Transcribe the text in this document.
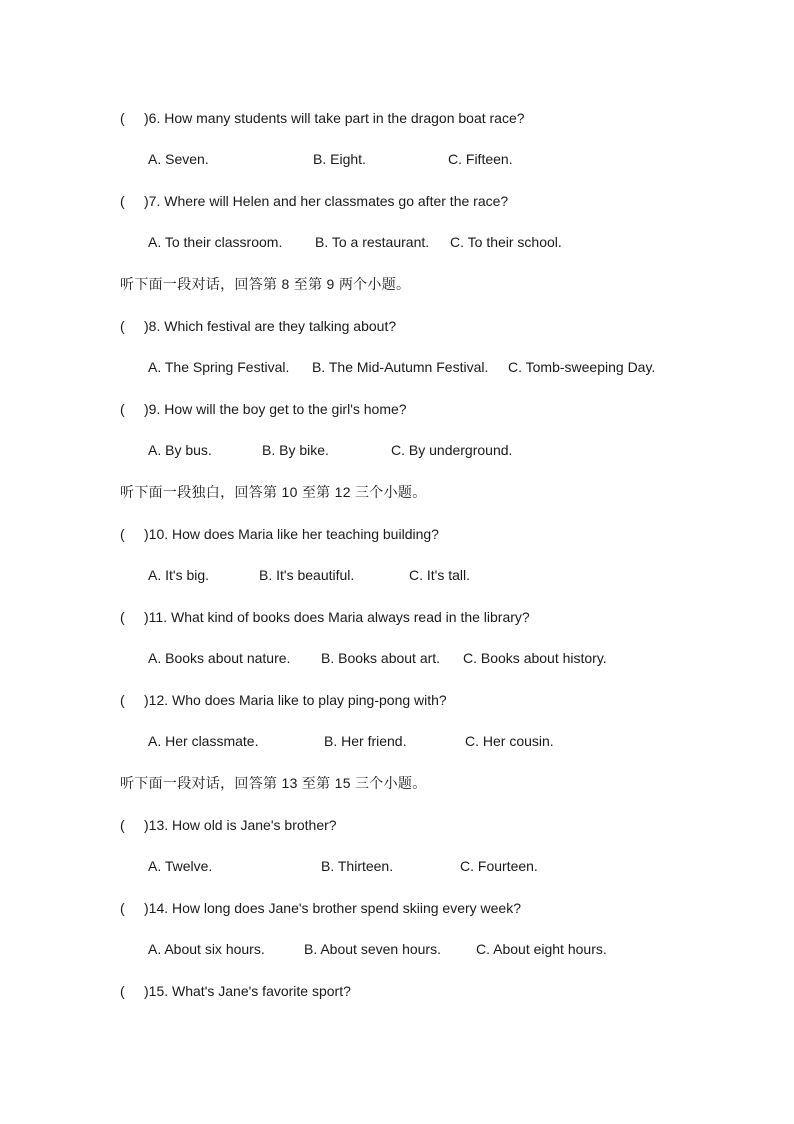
( )6. How many students will take part in the dragon boat race?
A. Seven.	B. Eight.	C. Fifteen.
( )7. Where will Helen and her classmates go after the race?
A. To their classroom. B. To a restaurant. C. To their school.
听下面一段对话，回答第 8 至第 9 两个小题。
( )8. Which festival are they talking about?
A. The Spring Festival. B. The Mid-Autumn Festival. C. Tomb-sweeping Day.
( )9. How will the boy get to the girl's home?
A. By bus.	B. By bike.	C. By underground.
听下面一段独白，回答第 10 至第 12 三个小题。
( )10. How does Maria like her teaching building?
A. It's big.	B. It's beautiful.	C. It's tall.
( )11. What kind of books does Maria always read in the library?
A. Books about nature. B. Books about art. C. Books about history.
( )12. Who does Maria like to play ping-pong with?
A. Her classmate.	B. Her friend.	C. Her cousin.
听下面一段对话，回答第 13 至第 15 三个小题。
( )13. How old is Jane's brother?
A. Twelve.	B. Thirteen.	C. Fourteen.
( )14. How long does Jane's brother spend skiing every week?
A. About six hours.	B. About seven hours.	C. About eight hours.
( )15. What's Jane's favorite sport?
